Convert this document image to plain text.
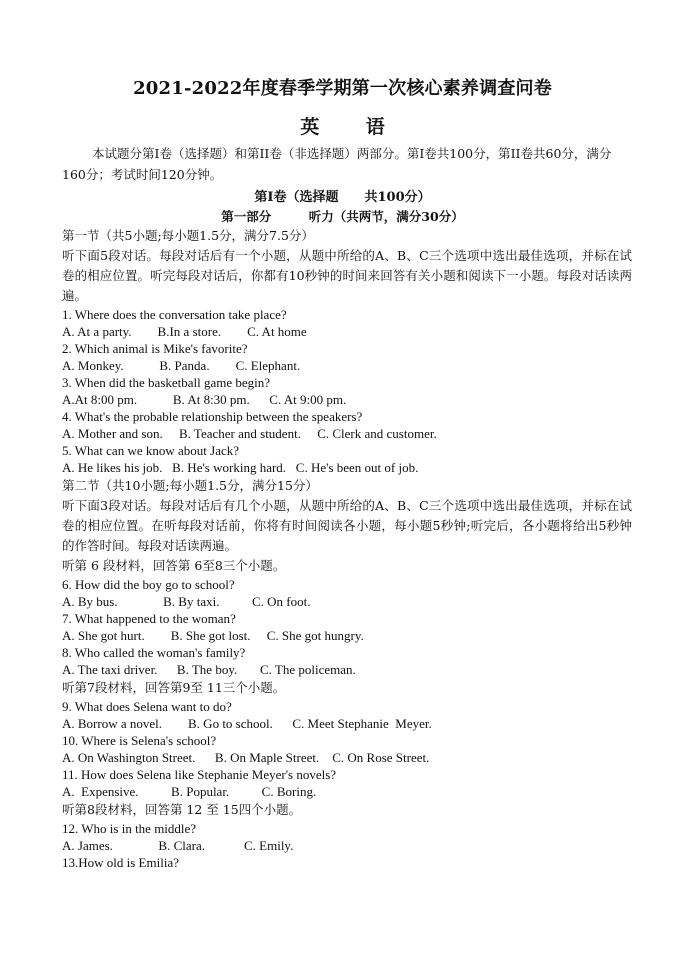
2021-2022年度春季学期第一次核心素养调查问卷
英 语
本试题分第I卷（选择题）和第II卷（非选择题）两部分。第I卷共100分，第II卷共60分，满分160分；考试时间120分钟。
第I卷（选择题　　共100分）
第一部分　　　听力（共两节，满分30分）
第一节（共5小题;每小题1.5分，满分7.5分）
听下面5段对话。每段对话后有一个小题，从题中所给的A、B、C三个选项中选出最佳选项，并标在试卷的相应位置。听完每段对话后，你都有10秒钟的时间来回答有关小题和阅读下一小题。每段对话读两遍。
1. Where does the conversation take place?
A. At a party.        B.In a store.        C. At home
2. Which animal is Mike's favorite?
A. Monkey.           B. Panda.        C. Elephant.
3. When did the basketball game begin?
A.At 8:00 pm.           B. At 8:30 pm.      C. At 9:00 pm.
4. What's the probable relationship between the speakers?
A. Mother and son.     B. Teacher and student.     C. Clerk and customer.
5. What can we know about Jack?
A. He likes his job.   B. He's working hard.   C. He's been out of job.
第二节（共10小题;每小题1.5分，满分15分）
听下面3段对话。每段对话后有几个小题，从题中所给的A、B、C三个选项中选出最佳选项，并标在试卷的相应位置。在听每段对话前，你将有时间阅读各小题，每小题5秒钟;听完后，各小题将给出5秒钟的作答时间。每段对话读两遍。
听第 6 段材料，回答第 6至8三个小题。
6. How did the boy go to school?
A. By bus.              B. By taxi.          C. On foot.
7. What happened to the woman?
A. She got hurt.        B. She got lost.     C. She got hungry.
8. Who called the woman's family?
A. The taxi driver.      B. The boy.       C. The policeman.
听第7段材料，回答第9至 11三个小题。
9. What does Selena want to do?
A. Borrow a novel.        B. Go to school.      C. Meet Stephanie  Meyer.
10. Where is Selena's school?
A. On Washington Street.      B. On Maple Street.    C. On Rose Street.
11. How does Selena like Stephanie Meyer's novels?
A.  Expensive.          B. Popular.          C. Boring.
听第8段材料，回答第 12 至 15四个小题。
12. Who is in the middle?
A. James.              B. Clara.            C. Emily.
13.How old is Emilia?
